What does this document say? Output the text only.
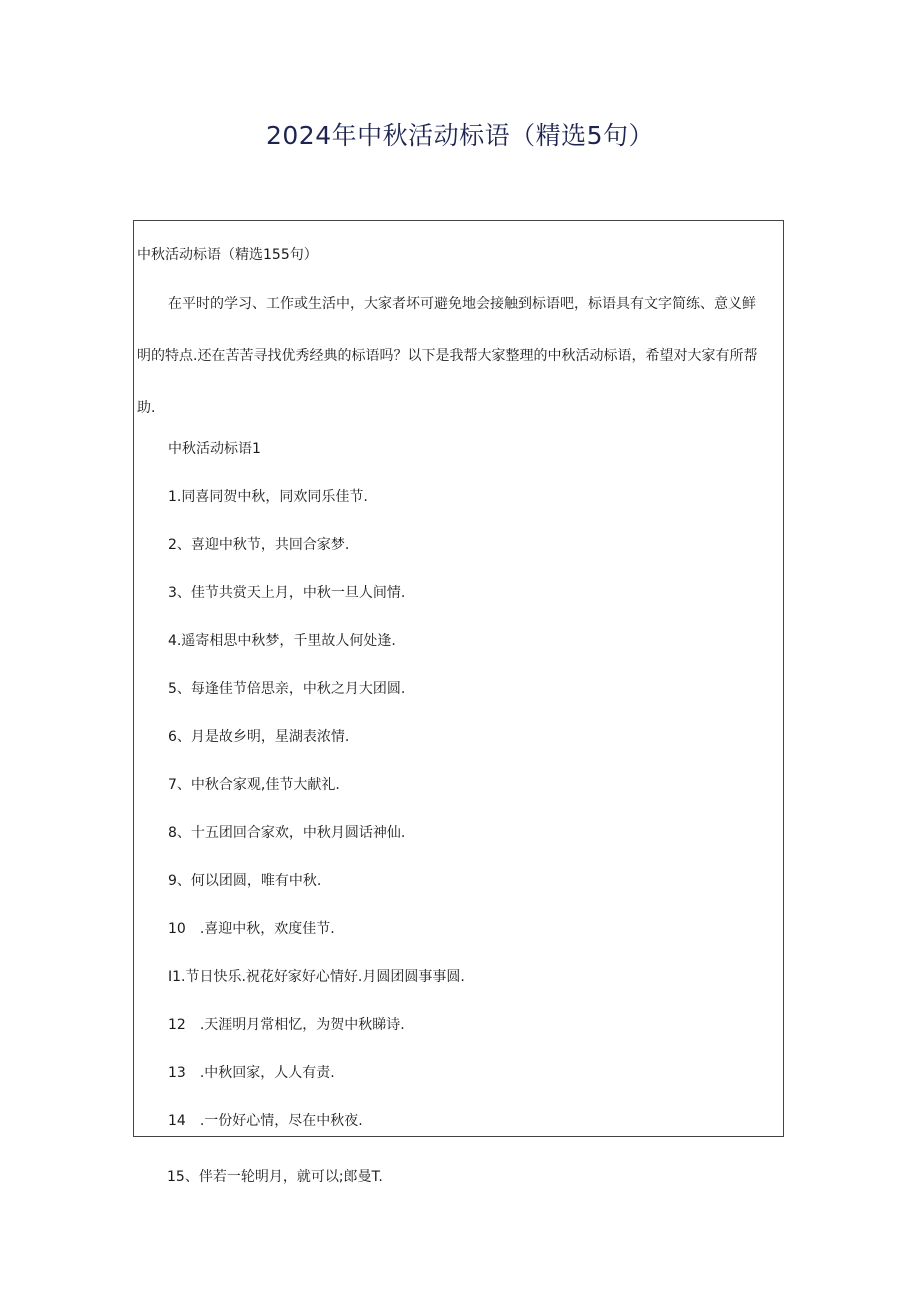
2024年中秋活动标语（精选5句）
中秋活动标语（精选155句）
在平时的学习、工作或生活中，大家者坏可避免地会接触到标语吧，标语具有文字简练、意义鲜
明的特点.还在苦苦寻找优秀经典的标语吗？以下是我帮大家整理的中秋活动标语，希望对大家有所帮
助.
中秋活动标语1
1.同喜同贺中秋，同欢同乐佳节.
2、喜迎中秋节，共回合家梦.
3、佳节共赏天上月，中秋一旦人间情.
4.遥寄相思中秋梦，千里故人何处逢.
5、每逢佳节倍思亲，中秋之月大团圆.
6、月是故乡明，星湖表浓情.
7、中秋合家观,佳节大献礼.
8、十五团回合家欢，中秋月圆话神仙.
9、何以团圆，唯有中秋.
10　.喜迎中秋，欢度佳节.
I1.节日快乐.祝花好家好心情好.月圆团圆事事圆.
12　.天涯明月常相忆，为贺中秋睇诗.
13　.中秋回家，人人有责.
14　.一份好心情，尽在中秋夜.
15、伴若一轮明月，就可以;郎曼T.
